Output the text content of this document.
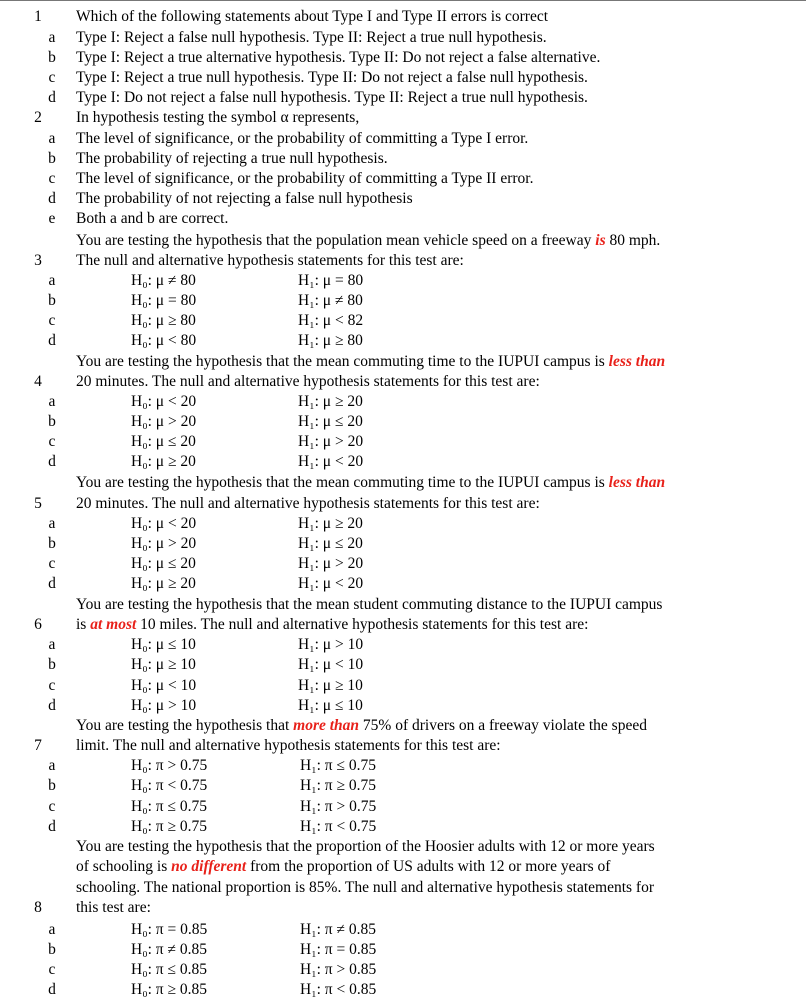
1	Which of the following statements about Type I and Type II errors is correct
a	Type I: Reject a false null hypothesis. Type II: Reject a true null hypothesis.
b	Type I: Reject a true alternative hypothesis. Type II: Do not reject a false alternative.
c	Type I: Reject a true null hypothesis. Type II: Do not reject a false null hypothesis.
d	Type I: Do not reject a false null hypothesis. Type II: Reject a true null hypothesis.
2	In hypothesis testing the symbol α represents,
a	The level of significance, or the probability of committing a Type I error.
b	The probability of rejecting a true null hypothesis.
c	The level of significance, or the probability of committing a Type II error.
d	The probability of not rejecting a false null hypothesis
e	Both a and b are correct.
You are testing the hypothesis that the population mean vehicle speed on a freeway is 80 mph.
3	The null and alternative hypothesis statements for this test are:
a	H₀: μ ≠ 80	H₁: μ = 80
b	H₀: μ = 80	H₁: μ ≠ 80
c	H₀: μ ≥ 80	H₁: μ < 82
d	H₀: μ < 80	H₁: μ ≥ 80
You are testing the hypothesis that the mean commuting time to the IUPUI campus is less than
4	20 minutes. The null and alternative hypothesis statements for this test are:
a	H₀: μ < 20	H₁: μ ≥ 20
b	H₀: μ > 20	H₁: μ ≤ 20
c	H₀: μ ≤ 20	H₁: μ > 20
d	H₀: μ ≥ 20	H₁: μ < 20
You are testing the hypothesis that the mean commuting time to the IUPUI campus is less than
5	20 minutes. The null and alternative hypothesis statements for this test are:
a	H₀: μ < 20	H₁: μ ≥ 20
b	H₀: μ > 20	H₁: μ ≤ 20
c	H₀: μ ≤ 20	H₁: μ > 20
d	H₀: μ ≥ 20	H₁: μ < 20
You are testing the hypothesis that the mean student commuting distance to the IUPUI campus
6	is at most 10 miles. The null and alternative hypothesis statements for this test are:
a	H₀: μ ≤ 10	H₁: μ > 10
b	H₀: μ ≥ 10	H₁: μ < 10
c	H₀: μ < 10	H₁: μ ≥ 10
d	H₀: μ > 10	H₁: μ ≤ 10
You are testing the hypothesis that more than 75% of drivers on a freeway violate the speed
7	limit. The null and alternative hypothesis statements for this test are:
a	H₀: π > 0.75	H₁: π ≤ 0.75
b	H₀: π < 0.75	H₁: π ≥ 0.75
c	H₀: π ≤ 0.75	H₁: π > 0.75
d	H₀: π ≥ 0.75	H₁: π < 0.75
You are testing the hypothesis that the proportion of the Hoosier adults with 12 or more years
of schooling is no different from the proportion of US adults with 12 or more years of
schooling. The national proportion is 85%. The null and alternative hypothesis statements for
8	this test are:
a	H₀: π = 0.85	H₁: π ≠ 0.85
b	H₀: π ≠ 0.85	H₁: π = 0.85
c	H₀: π ≤ 0.85	H₁: π > 0.85
d	H₀: π ≥ 0.85	H₁: π < 0.85
